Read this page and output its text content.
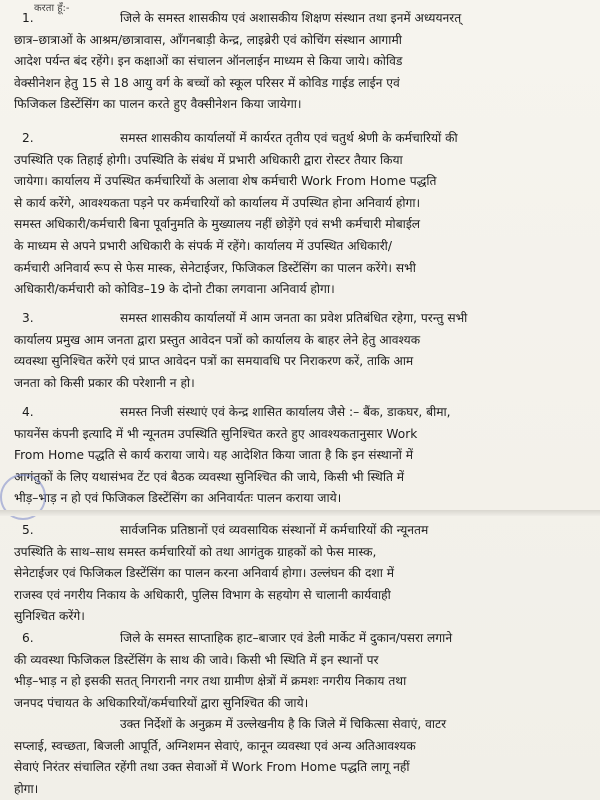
करता हूँ:-
1.	जिले के समस्त शासकीय एवं अशासकीय शिक्षण संस्थान तथा इनमें अध्ययनरत्
छात्र–छात्राओं के आश्रम/छात्रावास, आँगनबाड़ी केन्द्र, लाइब्रेरी एवं कोचिंग संस्थान आगामी
आदेश पर्यन्त बंद रहेंगे। इन कक्षाओं का संचालन ऑनलाईन माध्यम से किया जाये। कोविड
वेक्सीनेशन हेतु 15 से 18 आयु वर्ग के बच्चों को स्कूल परिसर में कोविड गाईड लाईन एवं
फिजिकल डिस्टेंसिंग का पालन करते हुए वैक्सीनेशन किया जायेगा।
2.	समस्त शासकीय कार्यालयों में कार्यरत तृतीय एवं चतुर्थ श्रेणी के कर्मचारियों की
उपस्थिति एक तिहाई होगी। उपस्थिति के संबंध में प्रभारी अधिकारी द्वारा रोस्टर तैयार किया
जायेगा। कार्यालय में उपस्थित कर्मचारियों के अलावा शेष कर्मचारी Work From Home पद्धति
से कार्य करेंगे, आवश्यकता पड़ने पर कर्मचारियों को कार्यालय में उपस्थित होना अनिवार्य होगा।
समस्त अधिकारी/कर्मचारी बिना पूर्वानुमति के मुख्यालय नहीं छोड़ेंगे एवं सभी कर्मचारी मोबाईल
के माध्यम से अपने प्रभारी अधिकारी के संपर्क में रहेंगे। कार्यालय में उपस्थित अधिकारी/
कर्मचारी अनिवार्य रूप से फेस मास्क, सेनेटाईजर, फिजिकल डिस्टेंसिंग का पालन करेंगे। सभी
अधिकारी/कर्मचारी को कोविड–19 के दोनो टीका लगवाना अनिवार्य होगा।
3.	समस्त शासकीय कार्यालयों में आम जनता का प्रवेश प्रतिबंधित रहेगा, परन्तु सभी
कार्यालय प्रमुख आम जनता द्वारा प्रस्तुत आवेदन पत्रों को कार्यालय के बाहर लेने हेतु आवश्यक
व्यवस्था सुनिश्चित करेंगे एवं प्राप्त आवेदन पत्रों का समयावधि पर निराकरण करें, ताकि आम
जनता को किसी प्रकार की परेशानी न हो।
4.	समस्त निजी संस्थाएं एवं केन्द्र शासित कार्यालय जैसे :– बैंक, डाकघर, बीमा,
फायनेंस कंपनी इत्यादि में भी न्यूनतम उपस्थिति सुनिश्चित करते हुए आवश्यकतानुसार Work
From Home पद्धति से कार्य कराया जाये। यह आदेशित किया जाता है कि इन संस्थानों में
आगंतुकों के लिए यथासंभव टेंट एवं बैठक व्यवस्था सुनिश्चित की जाये, किसी भी स्थिति में
भीड़–भाड़ न हो एवं फिजिकल डिस्टेंसिंग का अनिवार्यतः पालन कराया जाये।
5.	सार्वजनिक प्रतिष्ठानों एवं व्यवसायिक संस्थानों में कर्मचारियों की न्यूनतम
उपस्थिति के साथ–साथ समस्त कर्मचारियों को तथा आगंतुक ग्राहकों को फेस मास्क,
सेनेटाईजर एवं फिजिकल डिस्टेंसिंग का पालन करना अनिवार्य होगा। उल्लंघन की दशा में
राजस्व एवं नगरीय निकाय के अधिकारी, पुलिस विभाग के सहयोग से चालानी कार्यवाही
सुनिश्चित करेंगे।
6.	जिले के समस्त साप्ताहिक हाट–बाजार एवं डेली मार्केट में दुकान/पसरा लगाने
की व्यवस्था फिजिकल डिस्टेंसिंग के साथ की जावे। किसी भी स्थिति में इन स्थानों पर
भीड़–भाड़ न हो इसकी सतत् निगरानी नगर तथा ग्रामीण क्षेत्रों में क्रमशः नगरीय निकाय तथा
जनपद पंचायत के अधिकारियों/कर्मचारियों द्वारा सुनिश्चित की जाये।
उक्त निर्देशों के अनुक्रम में उल्लेखनीय है कि जिले में चिकित्सा सेवाएं, वाटर
सप्लाई, स्वच्छता, बिजली आपूर्ति, अग्निशमन सेवाएं, कानून व्यवस्था एवं अन्य अतिआवश्यक
सेवाएं निरंतर संचालित रहेंगी तथा उक्त सेवाओं में Work From Home पद्धति लागू नहीं
होगा।
